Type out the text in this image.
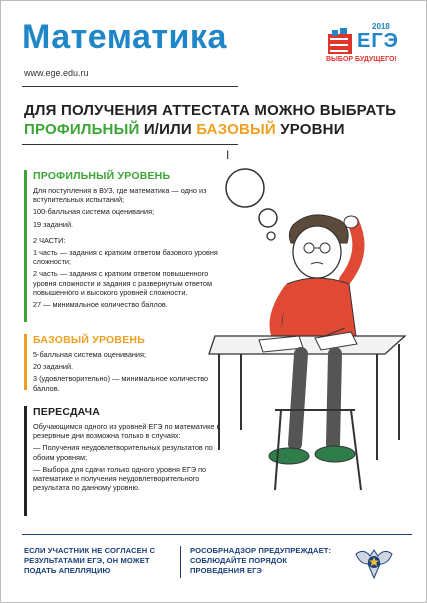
Математика
www.ege.edu.ru
2018
ЕГЭ
ВЫБОР БУДУЩЕГО!
ДЛЯ ПОЛУЧЕНИЯ АТТЕСТАТА МОЖНО ВЫБРАТЬ
ПРОФИЛЬНЫЙ И/ИЛИ БАЗОВЫЙ УРОВНИ
I
ПРОФИЛЬНЫЙ УРОВЕНЬ

Для поступления в ВУЗ, где математика — одно из вступительных испытаний;

100-балльная система оценивания;

19 заданий.

2 ЧАСТИ:

1 часть — задания с кратким ответом базового уровня сложности;

2 часть — задания с кратким ответом повышенного уровня сложности и задания с развернутым ответом повышенного и высокого уровней сложности.

27 — минимальное количество баллов.

БАЗОВЫЙ УРОВЕНЬ

5-балльная система оценивания;

20 заданий.

3 (удовлетворительно) — минимальное количество баллов.

ПЕРЕСДАЧА

Обучающимся одного из уровней ЕГЭ по математике в резервные дни возможна только в случаях:

— Получения неудовлетворительных результатов по обоим уровням;

— Выбора для сдачи только одного уровня ЕГЭ по математике и получения неудовлетворительного результата по данному уровню.

ЕСЛИ УЧАСТНИК НЕ СОГЛАСЕН С РЕЗУЛЬТАТАМИ ЕГЭ, ОН МОЖЕТ ПОДАТЬ АПЕЛЛЯЦИЮ
РОСОБРНАДЗОР ПРЕДУПРЕЖДАЕТ: СОБЛЮДАЙТЕ ПОРЯДОК ПРОВЕДЕНИЯ ЕГЭ
